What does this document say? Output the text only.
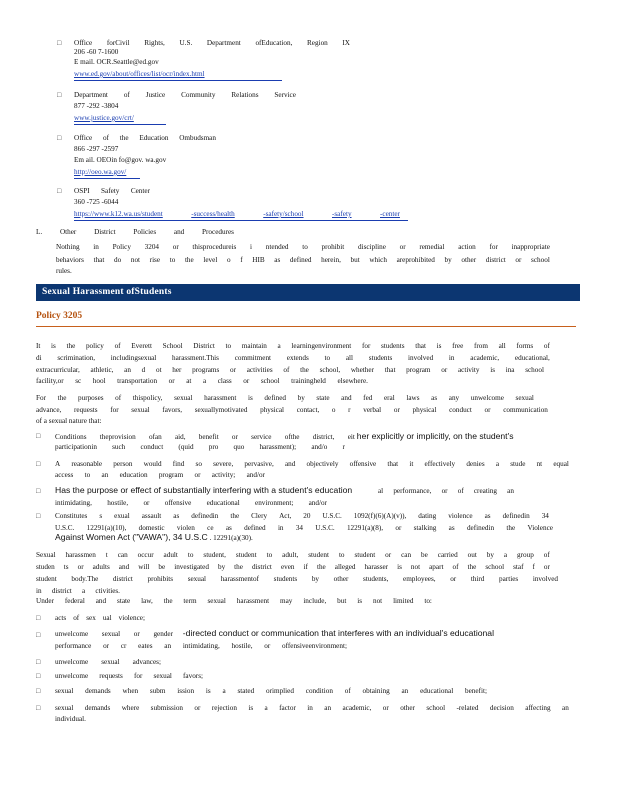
□ Office forCivil Rights, U.S. Department ofEducation, Region IX
206 -60 7-1600
E mail. OCR.Seattle@ed.gov
www.ed.gov/about/offices/list/ocr/index.html
□ Department of Justice Community Relations Service
877 -292 -3804
www.justice.gov/crt/
□ Office of the Education Ombudsman
866 -297 -2597
Em ail. OEOin fo@gov. wa.gov
http://oeo.wa.gov/
□ OSPI Safety Center
360 -725 -6044
https://www.k12.wa.us/student	-success/health	-safety/school	-safety	-center
L. Other District Policies and Procedures
Nothing in Policy 3204 or thisprocedureis i ntended to prohibit discipline or remedial action for inappropriate
behaviors that do not rise to the level o f HIB as defined herein, but which areprohibited by other district or school
rules.
Sexual Harassment ofStudents
Policy 3205
It is the policy of Everett School District to maintain a learningenvironment for students that is free from all forms of
di scrimination, includingsexual harassment.This commitment extends to all students involved in academic, educational,
extracurricular, athletic, an d ot her programs or activities of the school, whether that program or activity is ina school
facility,or sc hool transportation or at a class or school trainingheld elsewhere.
For the purposes of thispolicy, sexual harassment is defined by state and fed eral laws as any unwelcome sexual
advance, requests for sexual favors, sexuallymotivated physical contact, o r verbal or physical conduct or communication
of a sexual nature that:
□ Conditions theprovision ofan aid, benefit or service ofthe district, eit her explicitly or implicitly, on the student's
participationin such conduct (quid pro quo harassment); and/o r
□ A reasonable person would find so severe, pervasive, and objectively offensive that it effectively denies a stude nt equal
access to an education program or activity; and/or
□ Has the purpose or effect of substantially interfering with a student's education	al performance, or of creating an
intimidating, hostile, or offensive educational environment; and/or
□ Constitutes s exual assault as definedin the Clery Act, 20 U.S.C. 1092(f)(6)(A)(v)), dating violence as definedin 34
U.S.C. 12291(a)(10), domestic violen ce as defined in 34 U.S.C. 12291(a)(8), or stalking as definedin the Violence
Against Women Act ("VAWA"), 34 U.S.C . 12291(a)(30).
Sexual harassmen t can occur adult to student, student to adult, student to student or can be carried out by a group of
studen ts or adults and will be investigated by the district even if the alleged harasser is not apart of the school staf f or
student body.The district prohibits sexual harassmentof students by other students, employees, or third parties involved
in district a ctivities.
Under federal and state law, the term sexual harassment may include, but is not limited to:
□ acts of sex ual violence;
□ unwelcome sexual or gender -directed conduct or communication that interferes with an individual's educational
performance or cr eates an intimidating, hostile, or offensiveenvironment;
□ unwelcome sexual advances;
□ unwelcome requests for sexual favors;
□ sexual demands when subm ission is a stated orimplied condition of obtaining an educational benefit;
□ sexual demands where submission or rejection is a factor in an academic, or other school -related decision affecting an
individual.
